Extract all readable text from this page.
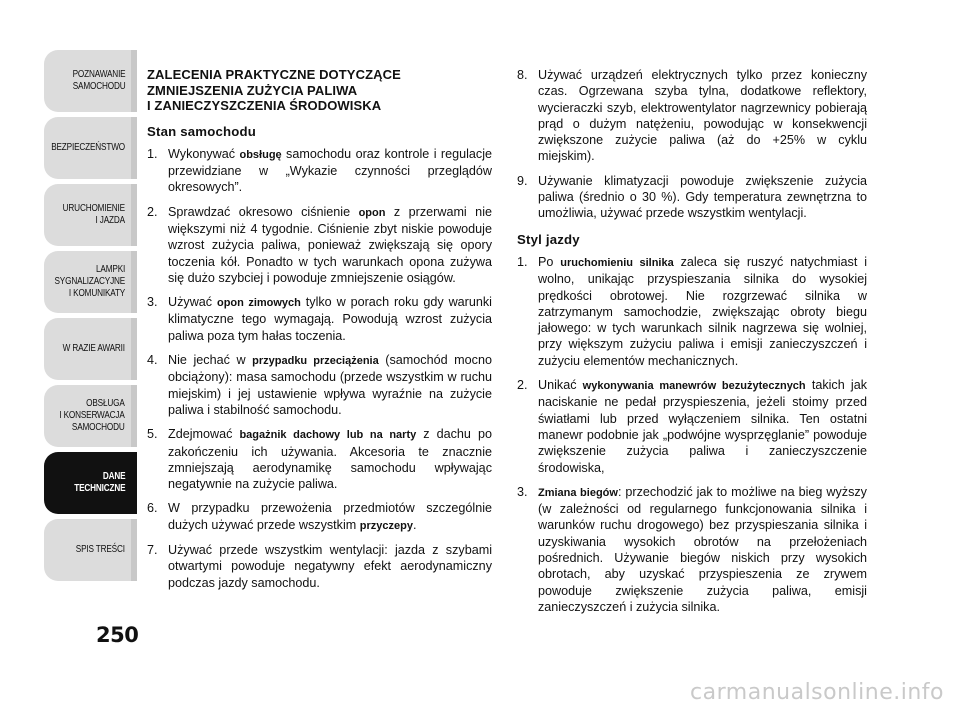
POZNAWANIE
SAMOCHODU
BEZPIECZEŃSTWO
URUCHOMIENIE
I JAZDA
LAMPKI
SYGNALIZACYJNE
I KOMUNIKATY
W RAZIE AWARII
OBSŁUGA
I KONSERWACJA
SAMOCHODU
DANE
TECHNICZNE
SPIS TREŚCI
250
ZALECENIA PRAKTYCZNE DOTYCZĄCE
ZMNIEJSZENIA ZUŻYCIA PALIWA
I ZANIECZYSZCZENIA ŚRODOWISKA
Stan samochodu
1. Wykonywać obsługę samochodu oraz kontrole i regulacje przewidziane w „Wykazie czynności przeglądów okresowych”.
2. Sprawdzać okresowo ciśnienie opon z przerwami nie większymi niż 4 tygodnie. Ciśnienie zbyt niskie powoduje wzrost zużycia paliwa, ponieważ zwiększają się opory toczenia kół. Ponadto w tych warunkach opona zużywa się dużo szybciej i powoduje zmniejszenie osiągów.
3. Używać opon zimowych tylko w porach roku gdy warunki klimatyczne tego wymagają. Powodują wzrost zużycia paliwa poza tym hałas toczenia.
4. Nie jechać w przypadku przeciążenia (samochód mocno obciążony): masa samochodu (przede wszystkim w ruchu miejskim) i jej ustawienie wpływa wyraźnie na zużycie paliwa i stabilność samochodu.
5. Zdejmować bagażnik dachowy lub na narty z dachu po zakończeniu ich używania. Akcesoria te znacznie zmniejszają aerodynamikę samochodu wpływając negatywnie na zużycie paliwa.
6. W przypadku przewożenia przedmiotów szczególnie dużych używać przede wszystkim przyczepy.
7. Używać przede wszystkim wentylacji: jazda z szybami otwartymi powoduje negatywny efekt aerodynamiczny podczas jazdy samochodu.
8. Używać urządzeń elektrycznych tylko przez konieczny czas. Ogrzewana szyba tylna, dodatkowe reflektory, wycieraczki szyb, elektrowentylator nagrzewnicy pobierają prąd o dużym natężeniu, powodując w konsekwencji zwiększone zużycie paliwa (aż do +25% w cyklu miejskim).
9. Używanie klimatyzacji powoduje zwiększenie zużycia paliwa (średnio o 30 %). Gdy temperatura zewnętrzna to umożliwia, używać przede wszystkim wentylacji.
Styl jazdy
1. Po uruchomieniu silnika zaleca się ruszyć natychmiast i wolno, unikając przyspieszania silnika do wysokiej prędkości obrotowej. Nie rozgrzewać silnika w zatrzymanym samochodzie, zwiększając obroty biegu jałowego: w tych warunkach silnik nagrzewa się wolniej, przy większym zużyciu paliwa i emisji zanieczyszczeń i zużyciu elementów mechanicznych.
2. Unikać wykonywania manewrów bezużytecznych takich jak naciskanie ne pedał przyspieszenia, jeżeli stoimy przed światłami lub przed wyłączeniem silnika. Ten ostatni manewr podobnie jak „podwójne wysprzęglanie” powoduje zwiększenie zużycia paliwa i zanieczyszczenie środowiska,
3. Zmiana biegów: przechodzić jak to możliwe na bieg wyższy (w zależności od regularnego funkcjonowania silnika i warunków ruchu drogowego) bez przyspieszania silnika i uzyskiwania wysokich obrotów na przełożeniach pośrednich. Używanie biegów niskich przy wysokich obrotach, aby uzyskać przyspieszenia ze zrywem powoduje zwiększenie zużycia paliwa, emisji zanieczyszczeń i zużycia silnika.
carmanualsonline.info
